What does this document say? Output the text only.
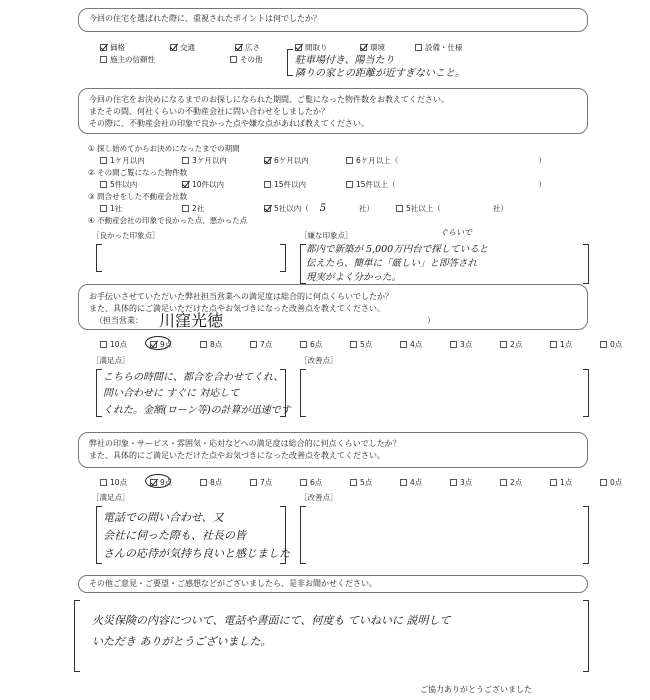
今回の住宅を選ばれた際に、重視されたポイントは何でしたか？
価格	交通	広さ	間取り	環境	設備・仕様
施主の信頼性	その他	駐車場付き、陽当たり
隣りの家との距離が近すぎないこと。
今回の住宅をお決めになるまでのお探しになられた期間、ご覧になった物件数をお教えてください。
またその間、何社くらいの不動産会社に問い合わせをしましたか？
その際に、不動産会社の印象で良かった点や嫌な点があれば教えてください。
① 探し始めてからお決めになったまでの期間
1ケ月以内	3ケ月以内	6ケ月以内	6ケ月以上（	）
② その間ご覧になった物件数
5件以内	10件以内	15件以内	15件以上（	）
③ 問合せをした不動産会社数
1社	2社	5社以内（ 5	社）	5社以上（	社）
④ 不動産会社の印象で良かった点、悪かった点
［良かった印象点］	［嫌な印象点］	ぐらいで
都内で新築が 5,000万円台で探していると
伝えたら、簡単に「厳しい」と即答され
現実がよく分かった。
お手伝いさせていただいた弊社担当営業への満足度は総合的に何点くらいでしたか？
また、具体的にご満足いただけた点やお気づきになった改善点を教えてください。
（担当営業： 川窪光徳	）
10点	9点	8点	7点	6点	5点	4点	3点	2点	1点	0点
［満足点］	［改善点］
こちらの時間に、都合を合わせてくれ、
問い合わせに すぐに 対応して
くれた。金額(ローン等)の計算が迅速です
弊社の印象・サービス・雰囲気・応対などへの満足度は総合的に何点くらいでしたか？
また、具体的にご満足いただけた点やお気づきになった改善点を教えてください。
10点	9点	8点	7点	6点	5点	4点	3点	2点	1点	0点
［満足点］	［改善点］
電話での問い合わせ、又
会社に伺った際も、社長の皆
さんの応待が気持ち良いと感じました
その他ご意見・ご要望・ご感想などがございましたら、是非お聞かせください。
火災保険の内容について、電話や書面にて、何度も ていねいに 説明して
いただき ありがとうございました。
ご協力ありがとうございました
